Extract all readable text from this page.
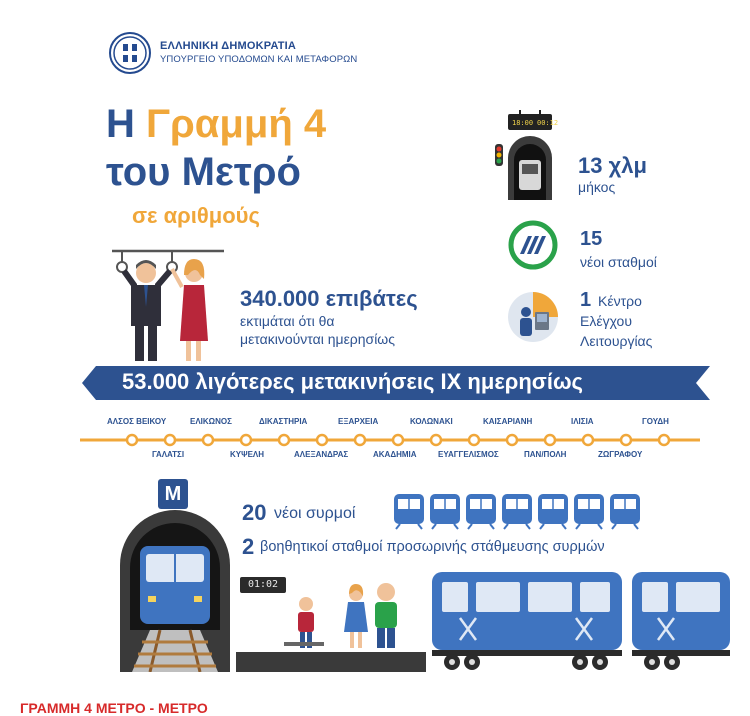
ΕΛΛΗΝΙΚΗ ΔΗΜΟΚΡΑΤΙΑ
ΥΠΟΥΡΓΕΙΟ ΥΠΟΔΟΜΩΝ ΚΑΙ ΜΕΤΑΦΟΡΩΝ
Η Γραμμή 4
του Μετρό
σε αριθμούς
18:00 00:12
13 χλμ
μήκος
15
νέοι σταθμοί
1 Κέντρο
Ελέγχου
Λειτουργίας
340.000 επιβάτες
εκτιμάται ότι θα
μετακινούνται ημερησίως
53.000 λιγότερες μετακινήσεις ΙΧ ημερησίως
ΑΛΣΟΣ ΒΕΙΚΟΥ	ΕΛΙΚΩΝΟΣ	ΔΙΚΑΣΤΗΡΙΑ	ΕΞΑΡΧΕΙΑ	ΚΟΛΩΝΑΚΙ	ΚΑΙΣΑΡΙΑΝΗ	ΙΛΙΣΙΑ	ΓΟΥΔΗ
ΓΑΛΑΤΣΙ	ΚΥΨΕΛΗ	ΑΛΕΞΑΝΔΡΑΣ	ΑΚΑΔΗΜΙΑ	ΕΥΑΓΓΕΛΙΣΜΟΣ	ΠΑΝ/ΠΟΛΗ	ΖΩΓΡΑΦΟΥ
M
20 νέοι συρμοί
2 βοηθητικοί σταθμοί προσωρινής στάθμευσης συρμών
01:02
ΓΡΑΜΜΗ 4 ΜΕΤΡΟ - ΜΕΤΡΟ
